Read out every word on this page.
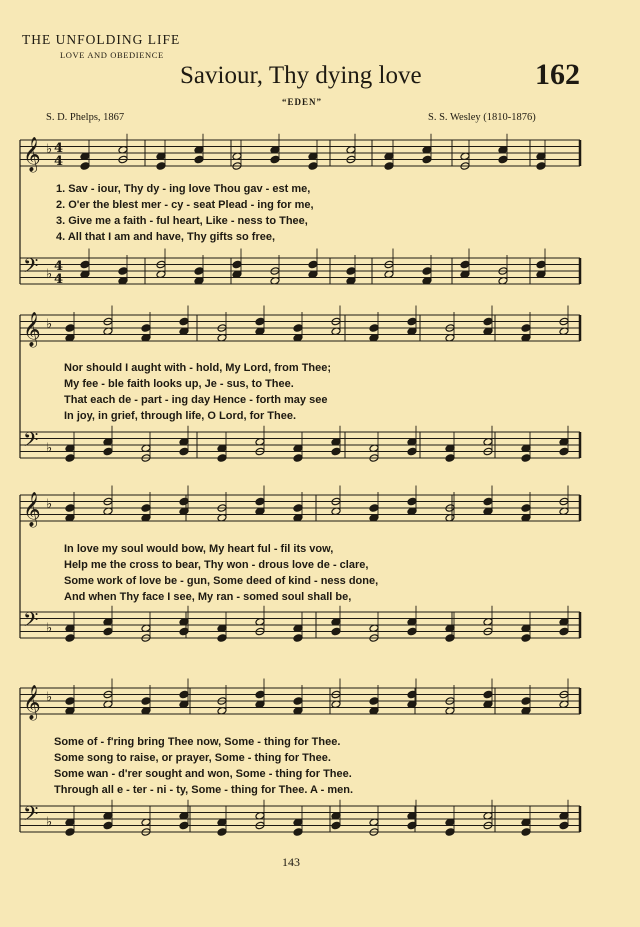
THE UNFOLDING LIFE
LOVE AND OBEDIENCE
Saviour, Thy dying love	162
“EDEN”
S. D. Phelps, 1867	S. S. Wesley (1810-1876)
𝄞 ♭ 4
4
𝄢 ♭
4
4
𝄞 ♭
𝄢 ♭
𝄞 ♭
𝄢 ♭
𝄞 ♭
𝄢 ♭
1. Sav - iour, Thy dy - ing love Thou gav - est me,
2. O'er the blest mer - cy - seat Plead - ing for me,
3. Give me a faith - ful heart, Like - ness to Thee,
4. All that I am and have, Thy gifts so free,
Nor should I aught with - hold, My Lord, from Thee;
My fee - ble faith looks up, Je - sus, to Thee.
That each de - part - ing day Hence - forth may see
In joy, in grief, through life, O Lord, for Thee.
In love my soul would bow, My heart ful - fil its vow,
Help me the cross to bear, Thy won - drous love de - clare,
Some work of love be - gun, Some deed of kind - ness done,
And when Thy face I see, My ran - somed soul shall be,
Some of - f'ring bring Thee now, Some - thing for Thee.
Some song to raise, or prayer, Some - thing for Thee.
Some wan - d'rer sought and won, Some - thing for Thee.
Through all e - ter - ni - ty, Some - thing for Thee. A - men.
143
